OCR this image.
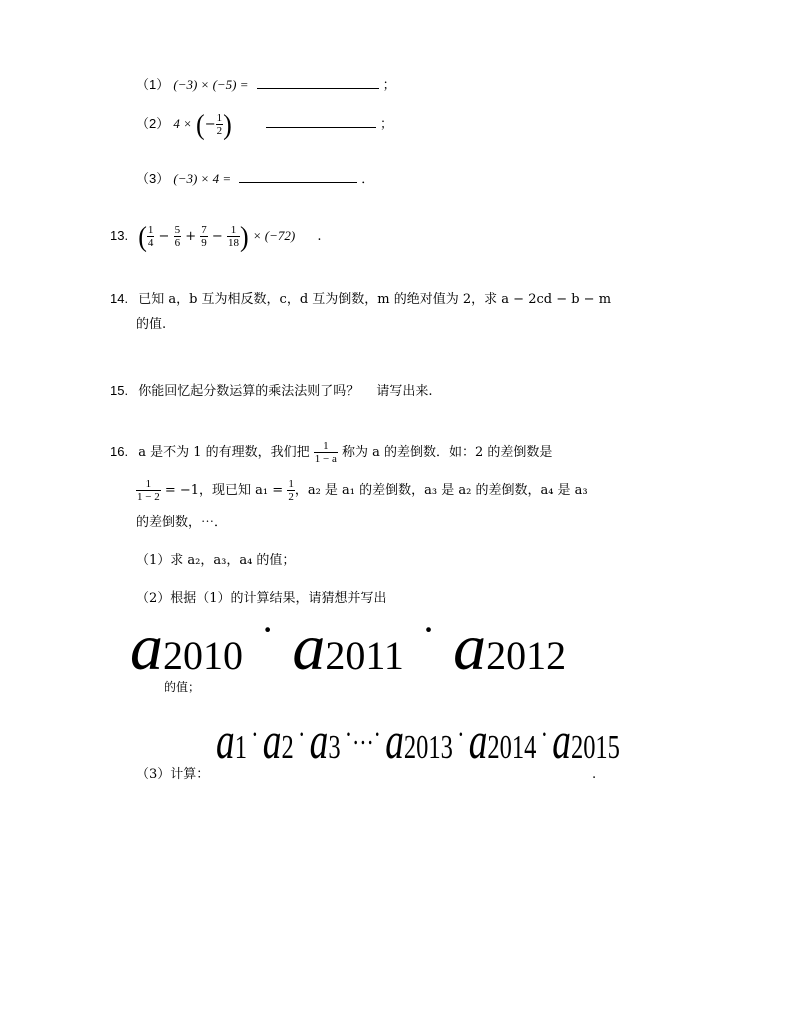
（1） (−3) × (−5) =	；
（2） 4 × (− $\frac{1}{2}$ )	；
（3） (−3) × 4 =	．
13. ( $\frac{1}{4} - \frac{5}{6} + \frac{7}{9} - \frac{1}{18}$ ) × (−72) .
14. 已知 a，b 互为相反数，c，d 互为倒数，m 的绝对值为 2，求 a − 2cd − b − m
的值.
15. 你能回忆起分数运算的乘法法则了吗？　 请写出来.
16. a 是不为 1 的有理数，我们把 $\frac{1}{1 - a}$ 称为 a 的差倒数．如：2 的差倒数是
$\frac{1}{1 - 2} = -1$，现已知 $a_1 = \frac{1}{2}$ ，a₂ 是 a₁ 的差倒数，a₃ 是 a₂ 的差倒数，a₄ 是 a₃
的差倒数，⋯．
（1）求 a₂，a₃，a₄ 的值；
（2）根据（1）的计算结果，请猜想并写出
a2010· a2011· a2012
的值；
（3）计算：
a1 ·a2 ·a3 ·…·a2013 ·a2014 ·a2015
.
